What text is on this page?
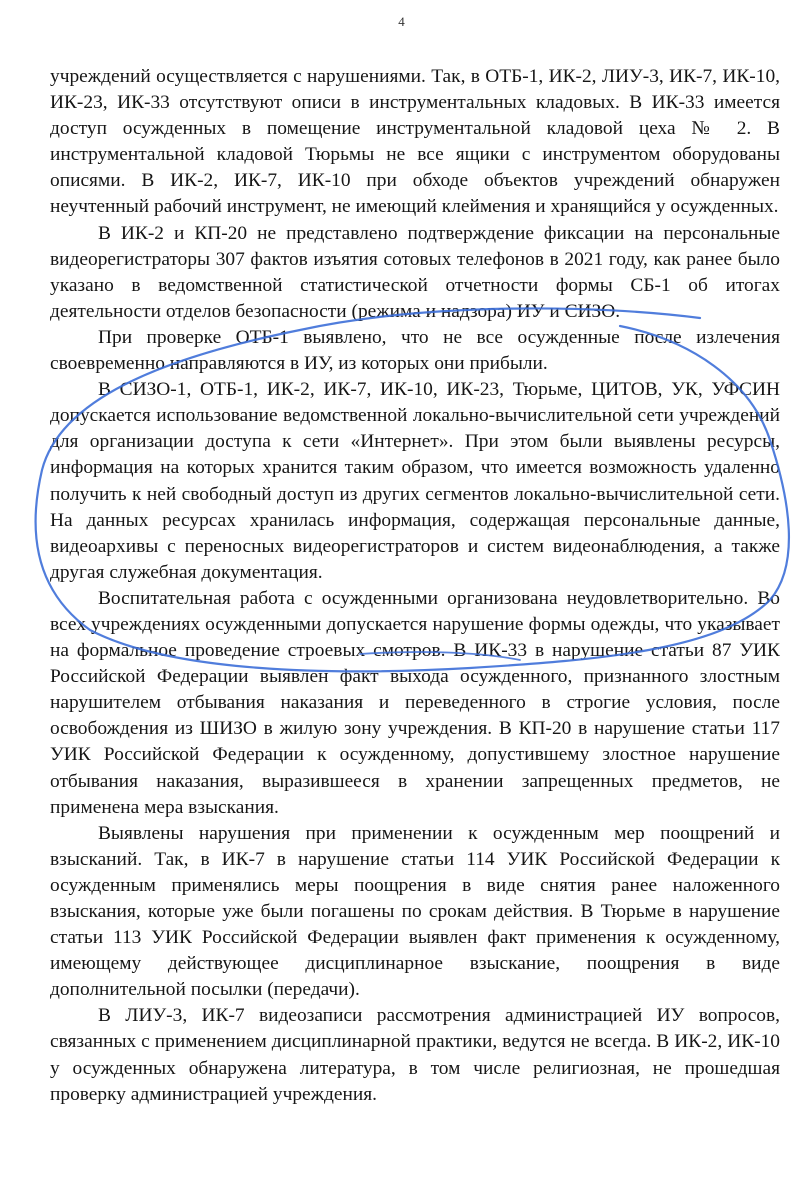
4

учреждений осуществляется с нарушениями. Так, в ОТБ-1, ИК-2, ЛИУ-3, ИК-7, ИК-10, ИК-23, ИК-33 отсутствуют описи в инструментальных кладовых. В ИК-33 имеется доступ осужденных в помещение инструментальной кладовой цеха № 2. В инструментальной кладовой Тюрьмы не все ящики с инструментом оборудованы описями. В ИК-2, ИК-7, ИК-10 при обходе объектов учреждений обнаружен неучтенный рабочий инструмент, не имеющий клеймения и хранящийся у осужденных.

В ИК-2 и КП-20 не представлено подтверждение фиксации на персональные видеорегистраторы 307 фактов изъятия сотовых телефонов в 2021 году, как ранее было указано в ведомственной статистической отчетности формы СБ-1 об итогах деятельности отделов безопасности (режима и надзора) ИУ и СИЗО.

При проверке ОТБ-1 выявлено, что не все осужденные после излечения своевременно направляются в ИУ, из которых они прибыли.

В СИЗО-1, ОТБ-1, ИК-2, ИК-7, ИК-10, ИК-23, Тюрьме, ЦИТОВ, УК, УФСИН допускается использование ведомственной локально-вычислительной сети учреждений для организации доступа к сети «Интернет». При этом были выявлены ресурсы, информация на которых хранится таким образом, что имеется возможность удаленно получить к ней свободный доступ из других сегментов локально-вычислительной сети. На данных ресурсах хранилась информация, содержащая персональные данные, видеоархивы с переносных видеорегистраторов и систем видеонаблюдения, а также другая служебная документация.

Воспитательная работа с осужденными организована неудовлетворительно. Во всех учреждениях осужденными допускается нарушение формы одежды, что указывает на формальное проведение строевых смотров. В ИК-33 в нарушение статьи 87 УИК Российской Федерации выявлен факт выхода осужденного, признанного злостным нарушителем отбывания наказания и переведенного в строгие условия, после освобождения из ШИЗО в жилую зону учреждения. В КП-20 в нарушение статьи 117 УИК Российской Федерации к осужденному, допустившему злостное нарушение отбывания наказания, выразившееся в хранении запрещенных предметов, не применена мера взыскания.

Выявлены нарушения при применении к осужденным мер поощрений и взысканий. Так, в ИК-7 в нарушение статьи 114 УИК Российской Федерации к осужденным применялись меры поощрения в виде снятия ранее наложенного взыскания, которые уже были погашены по срокам действия. В Тюрьме в нарушение статьи 113 УИК Российской Федерации выявлен факт применения к осужденному, имеющему действующее дисциплинарное взыскание, поощрения в виде дополнительной посылки (передачи).

В ЛИУ-3, ИК-7 видеозаписи рассмотрения администрацией ИУ вопросов, связанных с применением дисциплинарной практики, ведутся не всегда. В ИК-2, ИК-10 у осужденных обнаружена литература, в том числе религиозная, не прошедшая проверку администрацией учреждения.
